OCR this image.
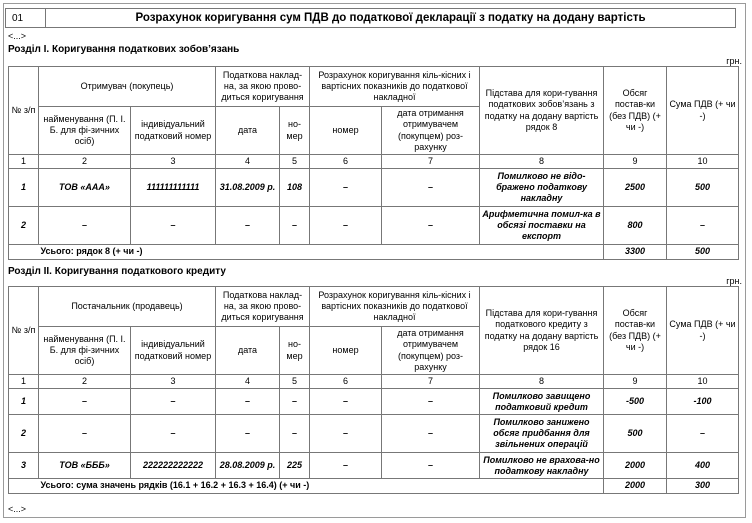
01	Розрахунок коригування сум ПДВ до податкової декларації з податку на додану вартість
<...>
Розділ I. Коригування податкових зобов’язань
грн.
№ з/п	Отримувач (покупець)		Податкова наклад-на, за якою прово-диться коригування		Розрахунок коригування кіль-кісних і вартісних показників до податкової накладної		Підстава для кори-гування податкових зобов’язань з податку на додану вартість рядок 8	Обсяг постав-ки (без ПДВ) (+ чи -)	Сума ПДВ (+ чи -)
	найменування (П. І. Б. для фі-зичних осіб)	індивідуальний податковий номер	дата	но-мер	номер	дата отримання отримувачем (покупцем) роз-рахунку			
1	2	3	4	5	6	7	8	9	10
1	ТОВ «ААА»	111111111111	31.08.2009 р.	108	–	–	Помилково не відо-бражено податкову накладну	2500	500
2	–	–	–	–	–	–	Арифметична помил-ка в обсязі поставки на експорт	800	–
	Усього: рядок 8 (+ чи -)							3300	500
Розділ II. Коригування податкового кредиту
грн.
№ з/п	Постачальник (продавець)		Податкова наклад-на, за якою прово-диться коригування		Розрахунок коригування кіль-кісних і вартісних показників до податкової накладної		Підстава для кори-гування податкового кредиту з податку на додану вартість рядок 16	Обсяг постав-ки (без ПДВ) (+ чи -)	Сума ПДВ (+ чи -)
	найменування (П. І. Б. для фі-зичних осіб)	індивідуальний податковий номер	дата	но-мер	номер	дата отримання отримувачем (покупцем) роз-рахунку			
1	2	3	4	5	6	7	8	9	10
1	–	–	–	–	–	–	Помилково завищено податковий кредит	-500	-100
2	–	–	–	–	–	–	Помилково занижено обсяг придбання для звільнених операцій	500	–
3	ТОВ «БББ»	222222222222	28.08.2009 р.	225	–	–	Помилково не врахова-но податкову накладну	2000	400
	Усього: сума значень рядків (16.1 + 16.2 + 16.3 + 16.4) (+ чи -)							2000	300
<...>
